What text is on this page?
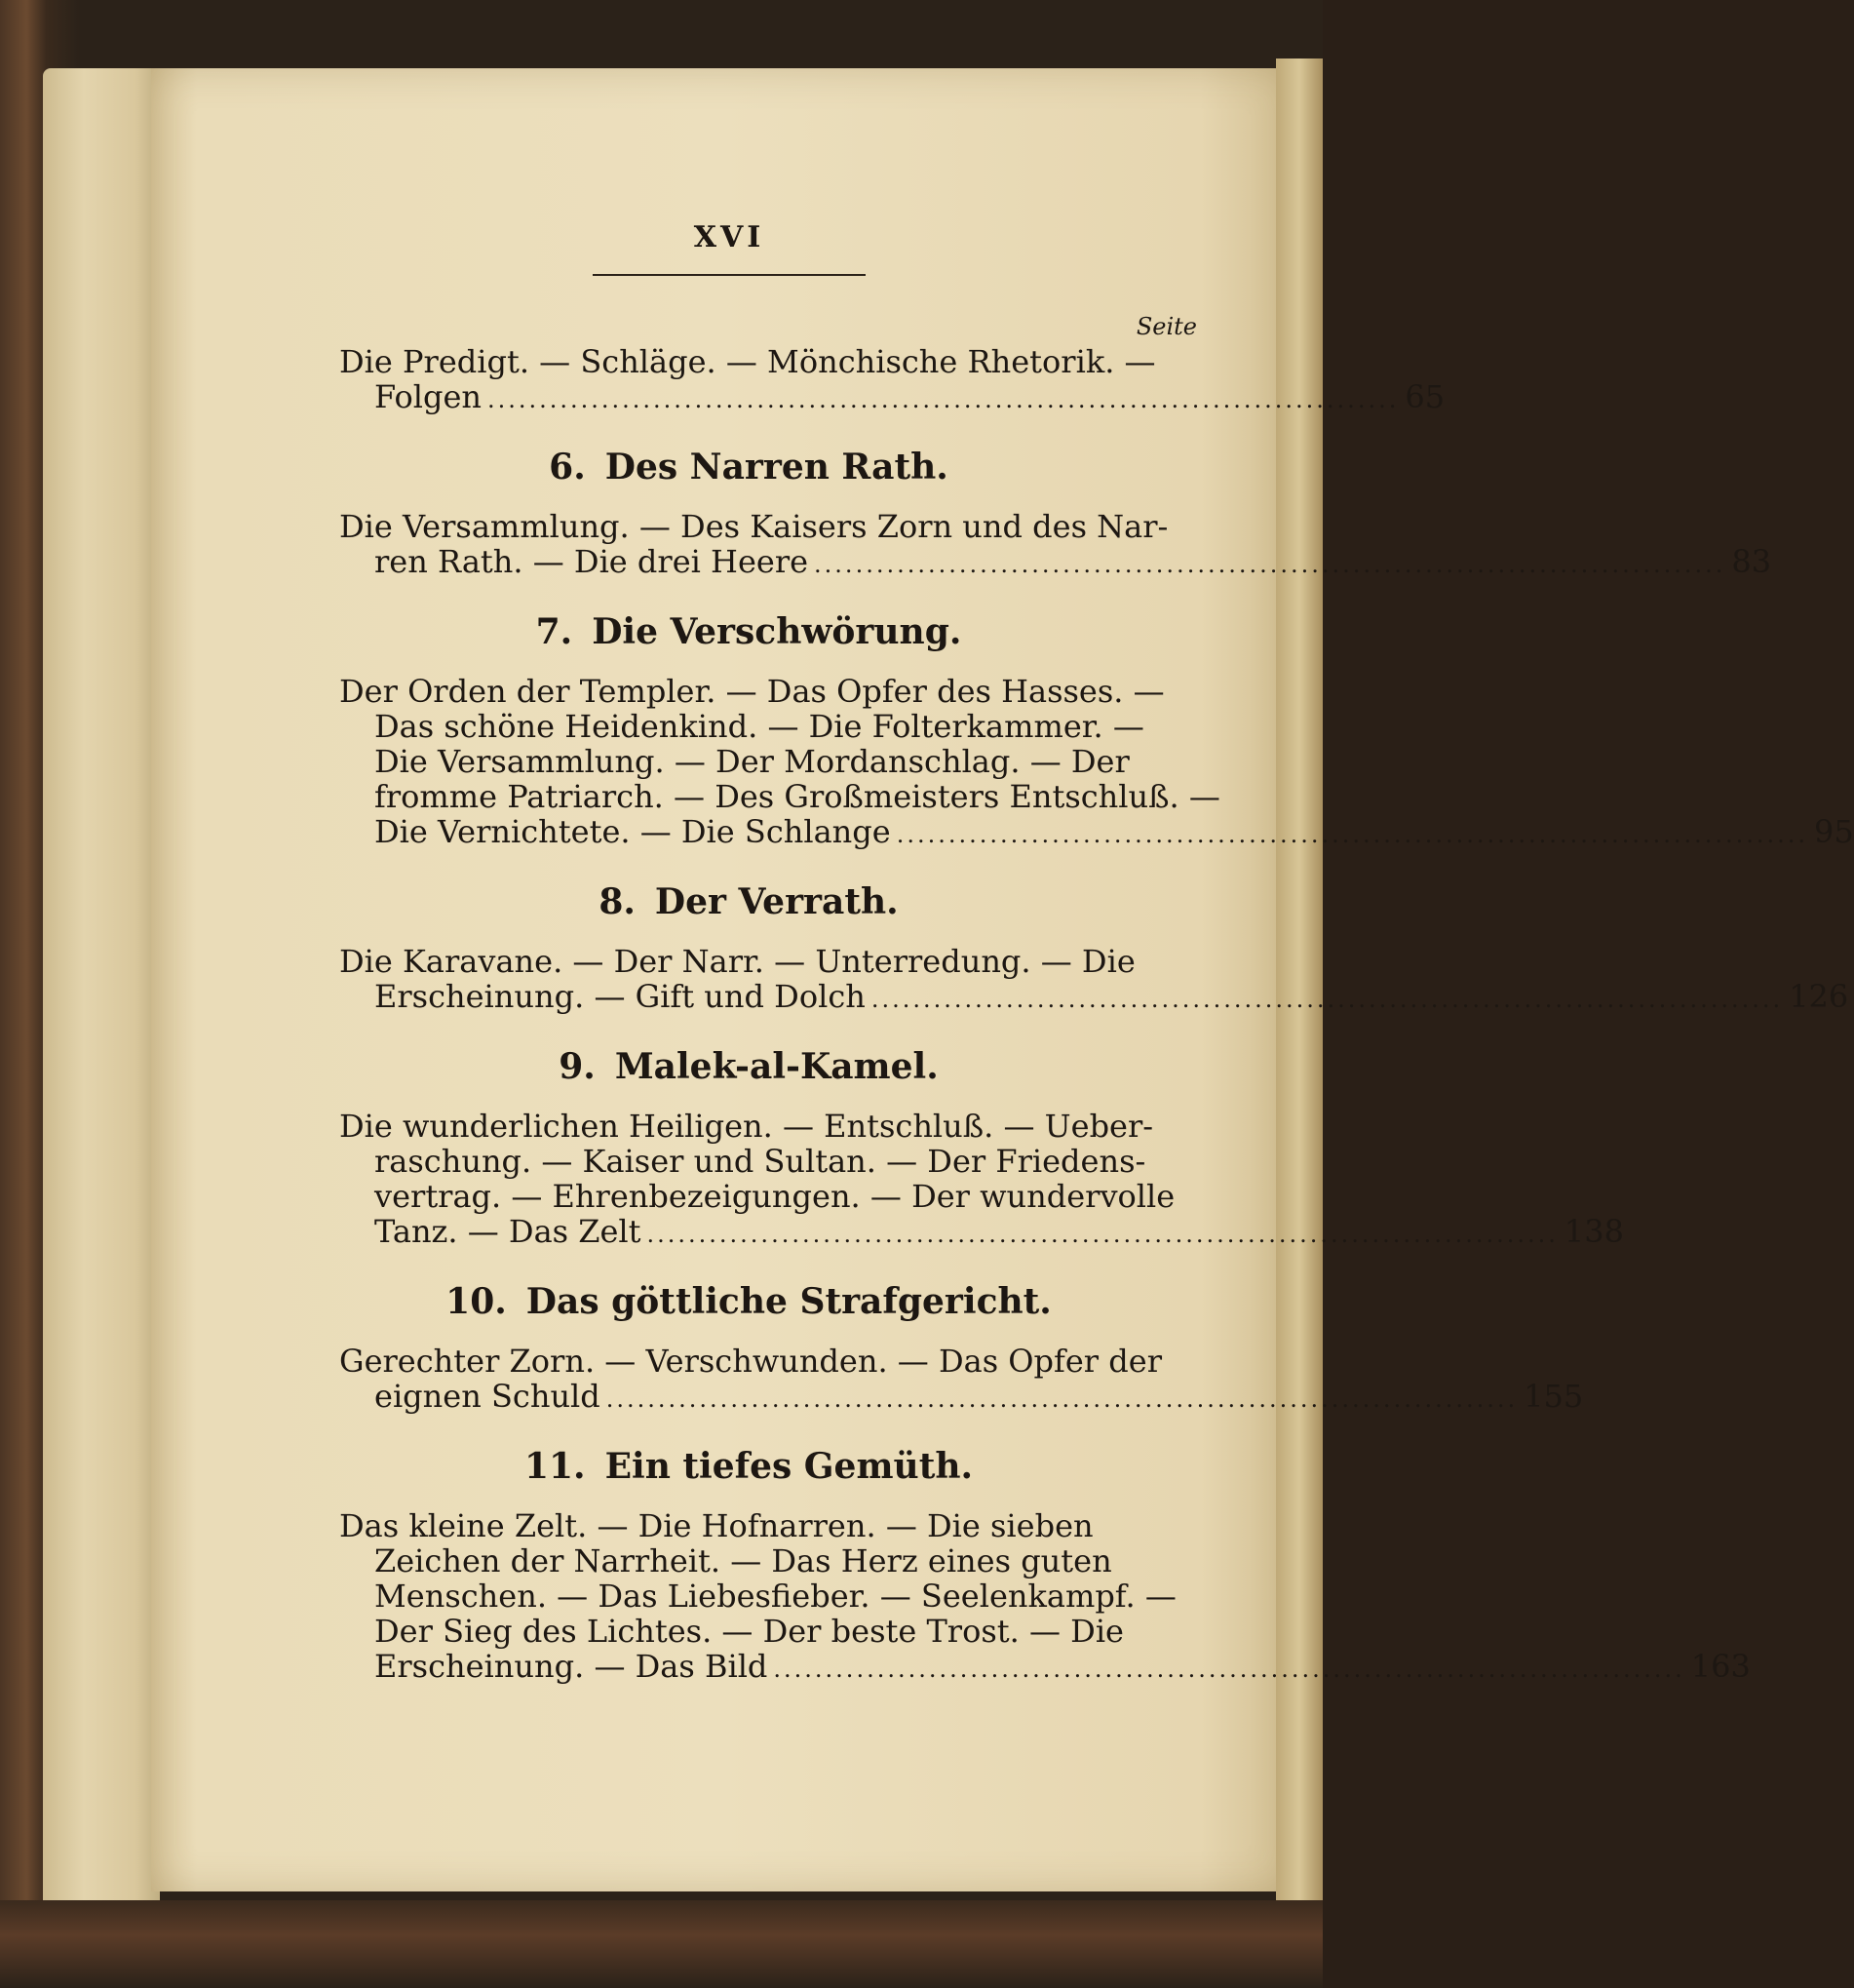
XVI
Seite
Die Predigt. — Schläge. — Mönchische Rhetorik. —
Folgen ........................................................................................ 65
6. Des Narren Rath.
Die Versammlung. — Des Kaisers Zorn und des Nar-
ren Rath. — Die drei Heere ........................................................................................ 83
7. Die Verschwörung.
Der Orden der Templer. — Das Opfer des Hasses. —
Das schöne Heidenkind. — Die Folterkammer. —
Die Versammlung. — Der Mordanschlag. — Der
fromme Patriarch. — Des Großmeisters Entschluß. —
Die Vernichtete. — Die Schlange ........................................................................................ 95
8. Der Verrath.
Die Karavane. — Der Narr. — Unterredung. — Die
Erscheinung. — Gift und Dolch ........................................................................................ 126
9. Malek-al-Kamel.
Die wunderlichen Heiligen. — Entschluß. — Ueber-
raschung. — Kaiser und Sultan. — Der Friedens-
vertrag. — Ehrenbezeigungen. — Der wundervolle
Tanz. — Das Zelt ........................................................................................ 138
10. Das göttliche Strafgericht.
Gerechter Zorn. — Verschwunden. — Das Opfer der
eignen Schuld ........................................................................................ 155
11. Ein tiefes Gemüth.
Das kleine Zelt. — Die Hofnarren. — Die sieben
Zeichen der Narrheit. — Das Herz eines guten
Menschen. — Das Liebesfieber. — Seelenkampf. —
Der Sieg des Lichtes. — Der beste Trost. — Die
Erscheinung. — Das Bild ........................................................................................ 163
